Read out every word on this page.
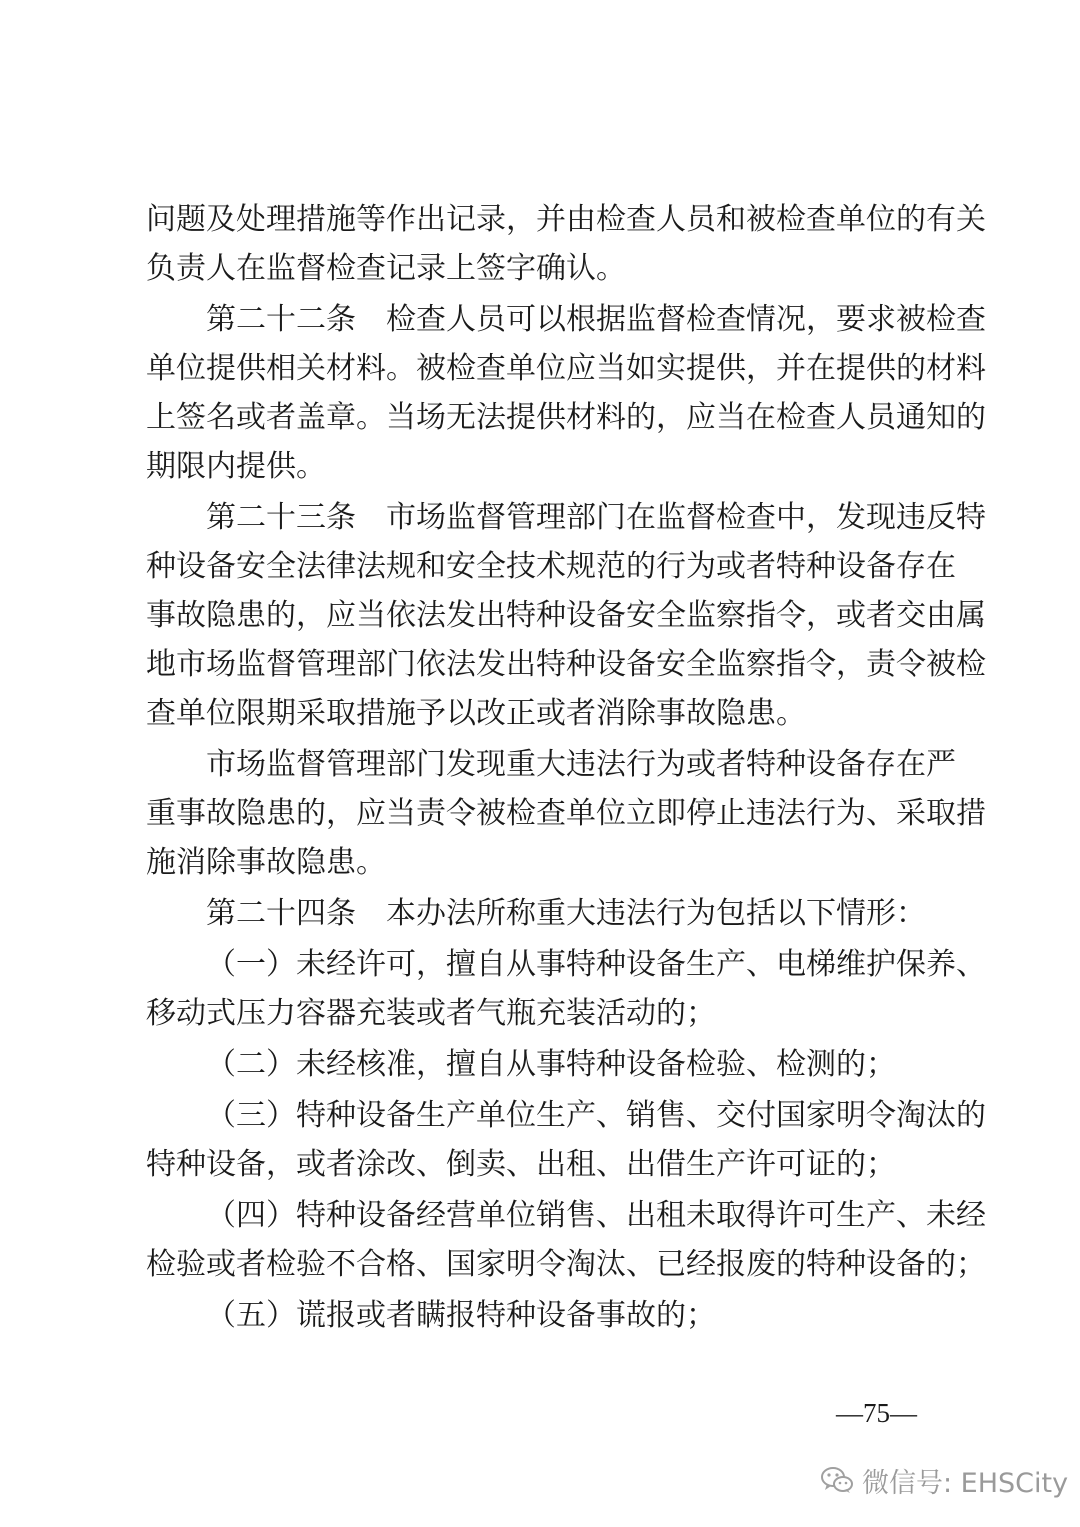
问题及处理措施等作出记录，并由检查人员和被检查单位的有关
负责人在监督检查记录上签字确认。
第二十二条　检查人员可以根据监督检查情况，要求被检查
单位提供相关材料。被检查单位应当如实提供，并在提供的材料
上签名或者盖章。当场无法提供材料的，应当在检查人员通知的
期限内提供。
第二十三条　市场监督管理部门在监督检查中，发现违反特
种设备安全法律法规和安全技术规范的行为或者特种设备存在
事故隐患的，应当依法发出特种设备安全监察指令，或者交由属
地市场监督管理部门依法发出特种设备安全监察指令，责令被检
查单位限期采取措施予以改正或者消除事故隐患。
市场监督管理部门发现重大违法行为或者特种设备存在严
重事故隐患的，应当责令被检查单位立即停止违法行为、采取措
施消除事故隐患。
第二十四条　本办法所称重大违法行为包括以下情形：
（一）未经许可，擅自从事特种设备生产、电梯维护保养、
移动式压力容器充装或者气瓶充装活动的；
（二）未经核准，擅自从事特种设备检验、检测的；
（三）特种设备生产单位生产、销售、交付国家明令淘汰的
特种设备，或者涂改、倒卖、出租、出借生产许可证的；
（四）特种设备经营单位销售、出租未取得许可生产、未经
检验或者检验不合格、国家明令淘汰、已经报废的特种设备的；
（五）谎报或者瞒报特种设备事故的；
—75—
微信号: EHSCity
